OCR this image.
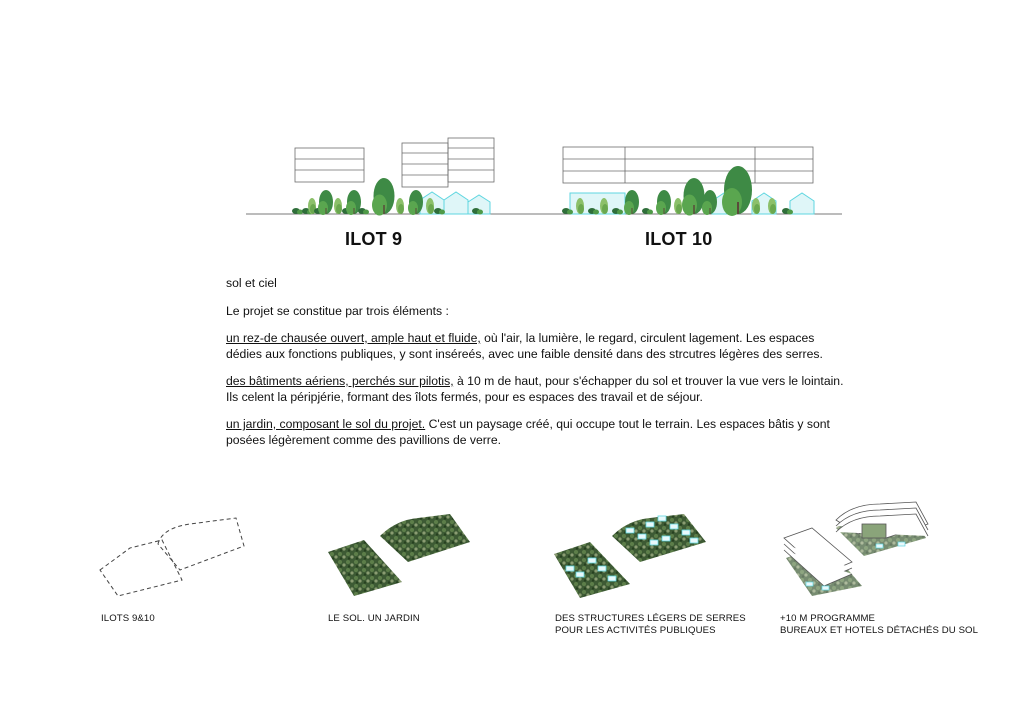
ILOT 9	ILOT 10

sol et ciel

Le projet se constitue par trois éléments :

un rez-de chausée ouvert, ample haut et fluide, où l'air, la lumière, le regard, circulent lagement. Les espaces dédies aux fonctions publiques, y sont inséreés, avec une faible densité dans des strcutres légères des serres.

des bâtiments aériens, perchés sur pilotis, à 10 m de haut, pour s'échapper du sol et trouver la vue vers le lointain. Ils celent la péripjérie, formant des îlots fermés, pour es espaces des travail et de séjour.

un jardin, composant le sol du projet. C'est un paysage créé, qui occupe tout le terrain. Les espaces bâtis y sont posées légèrement comme des pavillions de verre.

ILOTS 9&10	LE SOL. UN JARDIN	DES STRUCTURES LÉGERS DE SERRES
POUR LES ACTIVITÉS PUBLIQUES
+10 M PROGRAMME
BUREAUX ET HOTELS DÉTACHÉS DU SOL
